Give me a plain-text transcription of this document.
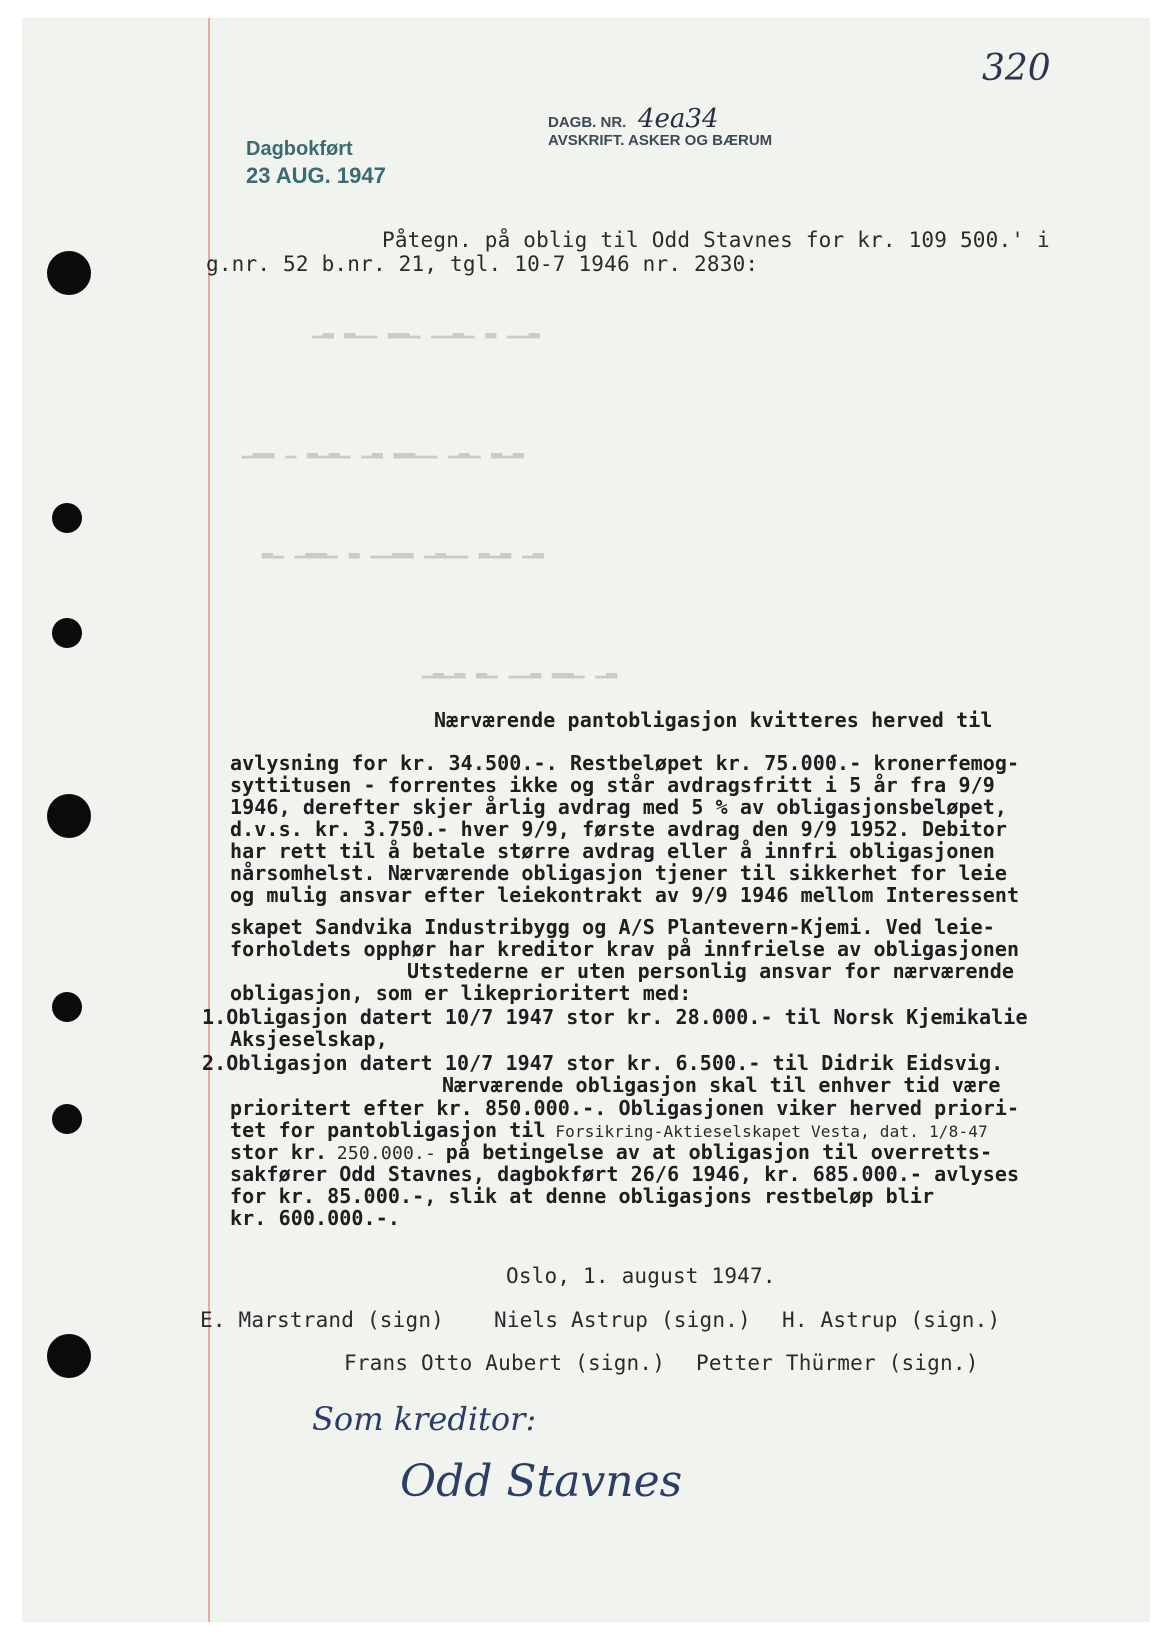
320
DAGB. NR. 4ea34
AVSKRIFT. ASKER OG BÆRUM
Dagbokført
23 AUG. 1947
▁▂ ▂▁▁ ▂▂▁ ▁▁▂▁ ▂ ▁▁▂
▁▂▂ ▁ ▂▁▂▁ ▁▂ ▂▂▁▁ ▁▂▁ ▂▁▂
▂▁ ▁▂▂▁ ▂ ▁▁▂▂ ▁▂▁▁ ▂▁▂ ▁▂
▁▂▁▂ ▂▁ ▁▁▂ ▂▂▁ ▁▂
Påtegn. på oblig til Odd Stavnes for kr. 109 500.' i
g.nr. 52 b.nr. 21, tgl. 10-7 1946 nr. 2830:
Nærværende pantobligasjon kvitteres herved til
avlysning for kr. 34.500.-. Restbeløpet kr. 75.000.- kronerfemog-
syttitusen - forrentes ikke og står avdragsfritt i 5 år fra 9/9
1946, derefter skjer årlig avdrag med 5 % av obligasjonsbeløpet,
d.v.s. kr. 3.750.- hver 9/9, første avdrag den 9/9 1952. Debitor
har rett til å betale større avdrag eller å innfri obligasjonen
nårsomhelst. Nærværende obligasjon tjener til sikkerhet for leie
og mulig ansvar efter leiekontrakt av 9/9 1946 mellom Interessent
skapet Sandvika Industribygg og A/S Plantevern-Kjemi. Ved leie-
forholdets opphør har kreditor krav på innfrielse av obligasjonen
Utstederne er uten personlig ansvar for nærværende
obligasjon, som er likeprioritert med:
1.Obligasjon datert 10/7 1947 stor kr. 28.000.- til Norsk Kjemikalie
Aksjeselskap,
2.Obligasjon datert 10/7 1947 stor kr. 6.500.- til Didrik Eidsvig.
Nærværende obligasjon skal til enhver tid være
prioritert efter kr. 850.000.-. Obligasjonen viker herved priori-
tet for pantobligasjon til Forsikring-Aktieselskapet Vesta, dat. 1/8-47
stor kr. 250.000.- på betingelse av at obligasjon til overretts-
sakfører Odd Stavnes, dagbokført 26/6 1946, kr. 685.000.- avlyses
for kr. 85.000.-, slik at denne obligasjons restbeløp blir
kr. 600.000.-.
Oslo, 1. august 1947.
E. Marstrand (sign) Niels Astrup (sign.) H. Astrup (sign.)
Frans Otto Aubert (sign.) Petter Thürmer (sign.)
Som kreditor:
Odd Stavnes
